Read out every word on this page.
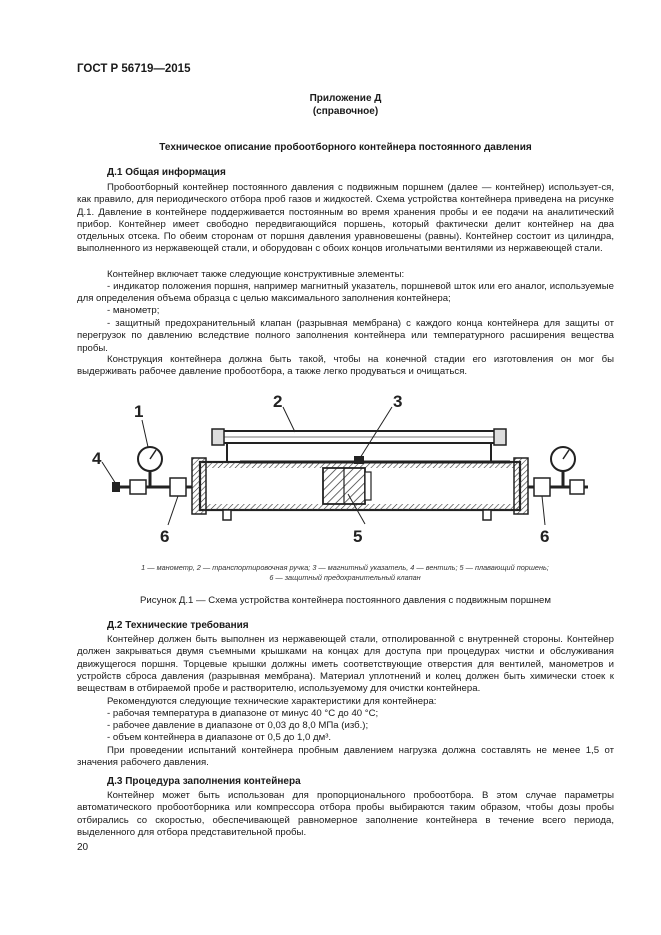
ГОСТ Р 56719—2015
Приложение Д
(справочное)
Техническое описание пробоотборного контейнера постоянного давления
Д.1 Общая информация

Пробоотборный контейнер постоянного давления с подвижным поршнем (далее — контейнер) использует-ся, как правило, для периодического отбора проб газов и жидкостей. Схема устройства контейнера приведена на рисунке Д.1. Давление в контейнере поддерживается постоянным во время хранения пробы и ее подачи на аналитический прибор. Контейнер имеет свободно передвигающийся поршень, который фактически делит контейнер на два отдельных отсека. По обеим сторонам от поршня давления уравновешены (равны). Контейнер состоит из цилиндра, выполненного из нержавеющей стали, и оборудован с обоих концов игольчатыми вентилями из нержавеющей стали.

Контейнер включает также следующие конструктивные элементы:

- индикатор положения поршня, например магнитный указатель, поршневой шток или его аналог, используемые для определения объема образца с целью максимального заполнения контейнера;

- манометр;

- защитный предохранительный клапан (разрывная мембрана) с каждого конца контейнера для защиты от перегрузок по давлению вследствие полного заполнения контейнера или температурного расширения вещества пробы.

Конструкция контейнера должна быть такой, чтобы на конечной стадии его изготовления он мог бы выдерживать рабочее давление пробоотбора, а также легко продуваться и очищаться.

1
4
2	3
5
6	6
1 — манометр, 2 — транспортировочная ручка; 3 — магнитный указатель, 4 — вентиль; 5 — плавающий поршень;
6 — защитный предохранительный клапан
Рисунок Д.1 — Схема устройства контейнера постоянного давления с подвижным поршнем
Д.2 Технические требования

Контейнер должен быть выполнен из нержавеющей стали, отполированной с внутренней стороны. Контейнер должен закрываться двумя съемными крышками на концах для доступа при процедурах чистки и обслуживания движущегося поршня. Торцевые крышки должны иметь соответствующие отверстия для вентилей, манометров и устройств сброса давления (разрывная мембрана). Материал уплотнений и колец должен быть химически стоек к веществам в отбираемой пробе и растворителю, используемому для очистки контейнера.

Рекомендуются следующие технические характеристики для контейнера:

- рабочая температура в диапазоне от минус 40 °С до 40 °С;

- рабочее давление в диапазоне от 0,03 до 8,0 МПа (изб.);

- объем контейнера в диапазоне от 0,5 до 1,0 дм³.

При проведении испытаний контейнера пробным давлением нагрузка должна составлять не менее 1,5 от значения рабочего давления.

Д.3 Процедура заполнения контейнера

Контейнер может быть использован для пропорционального пробоотбора. В этом случае параметры автоматического пробоотборника или компрессора отбора пробы выбираются таким образом, чтобы дозы пробы отбирались со скоростью, обеспечивающей равномерное заполнение контейнера в течение всего периода, выделенного для отбора представительной пробы.

20
